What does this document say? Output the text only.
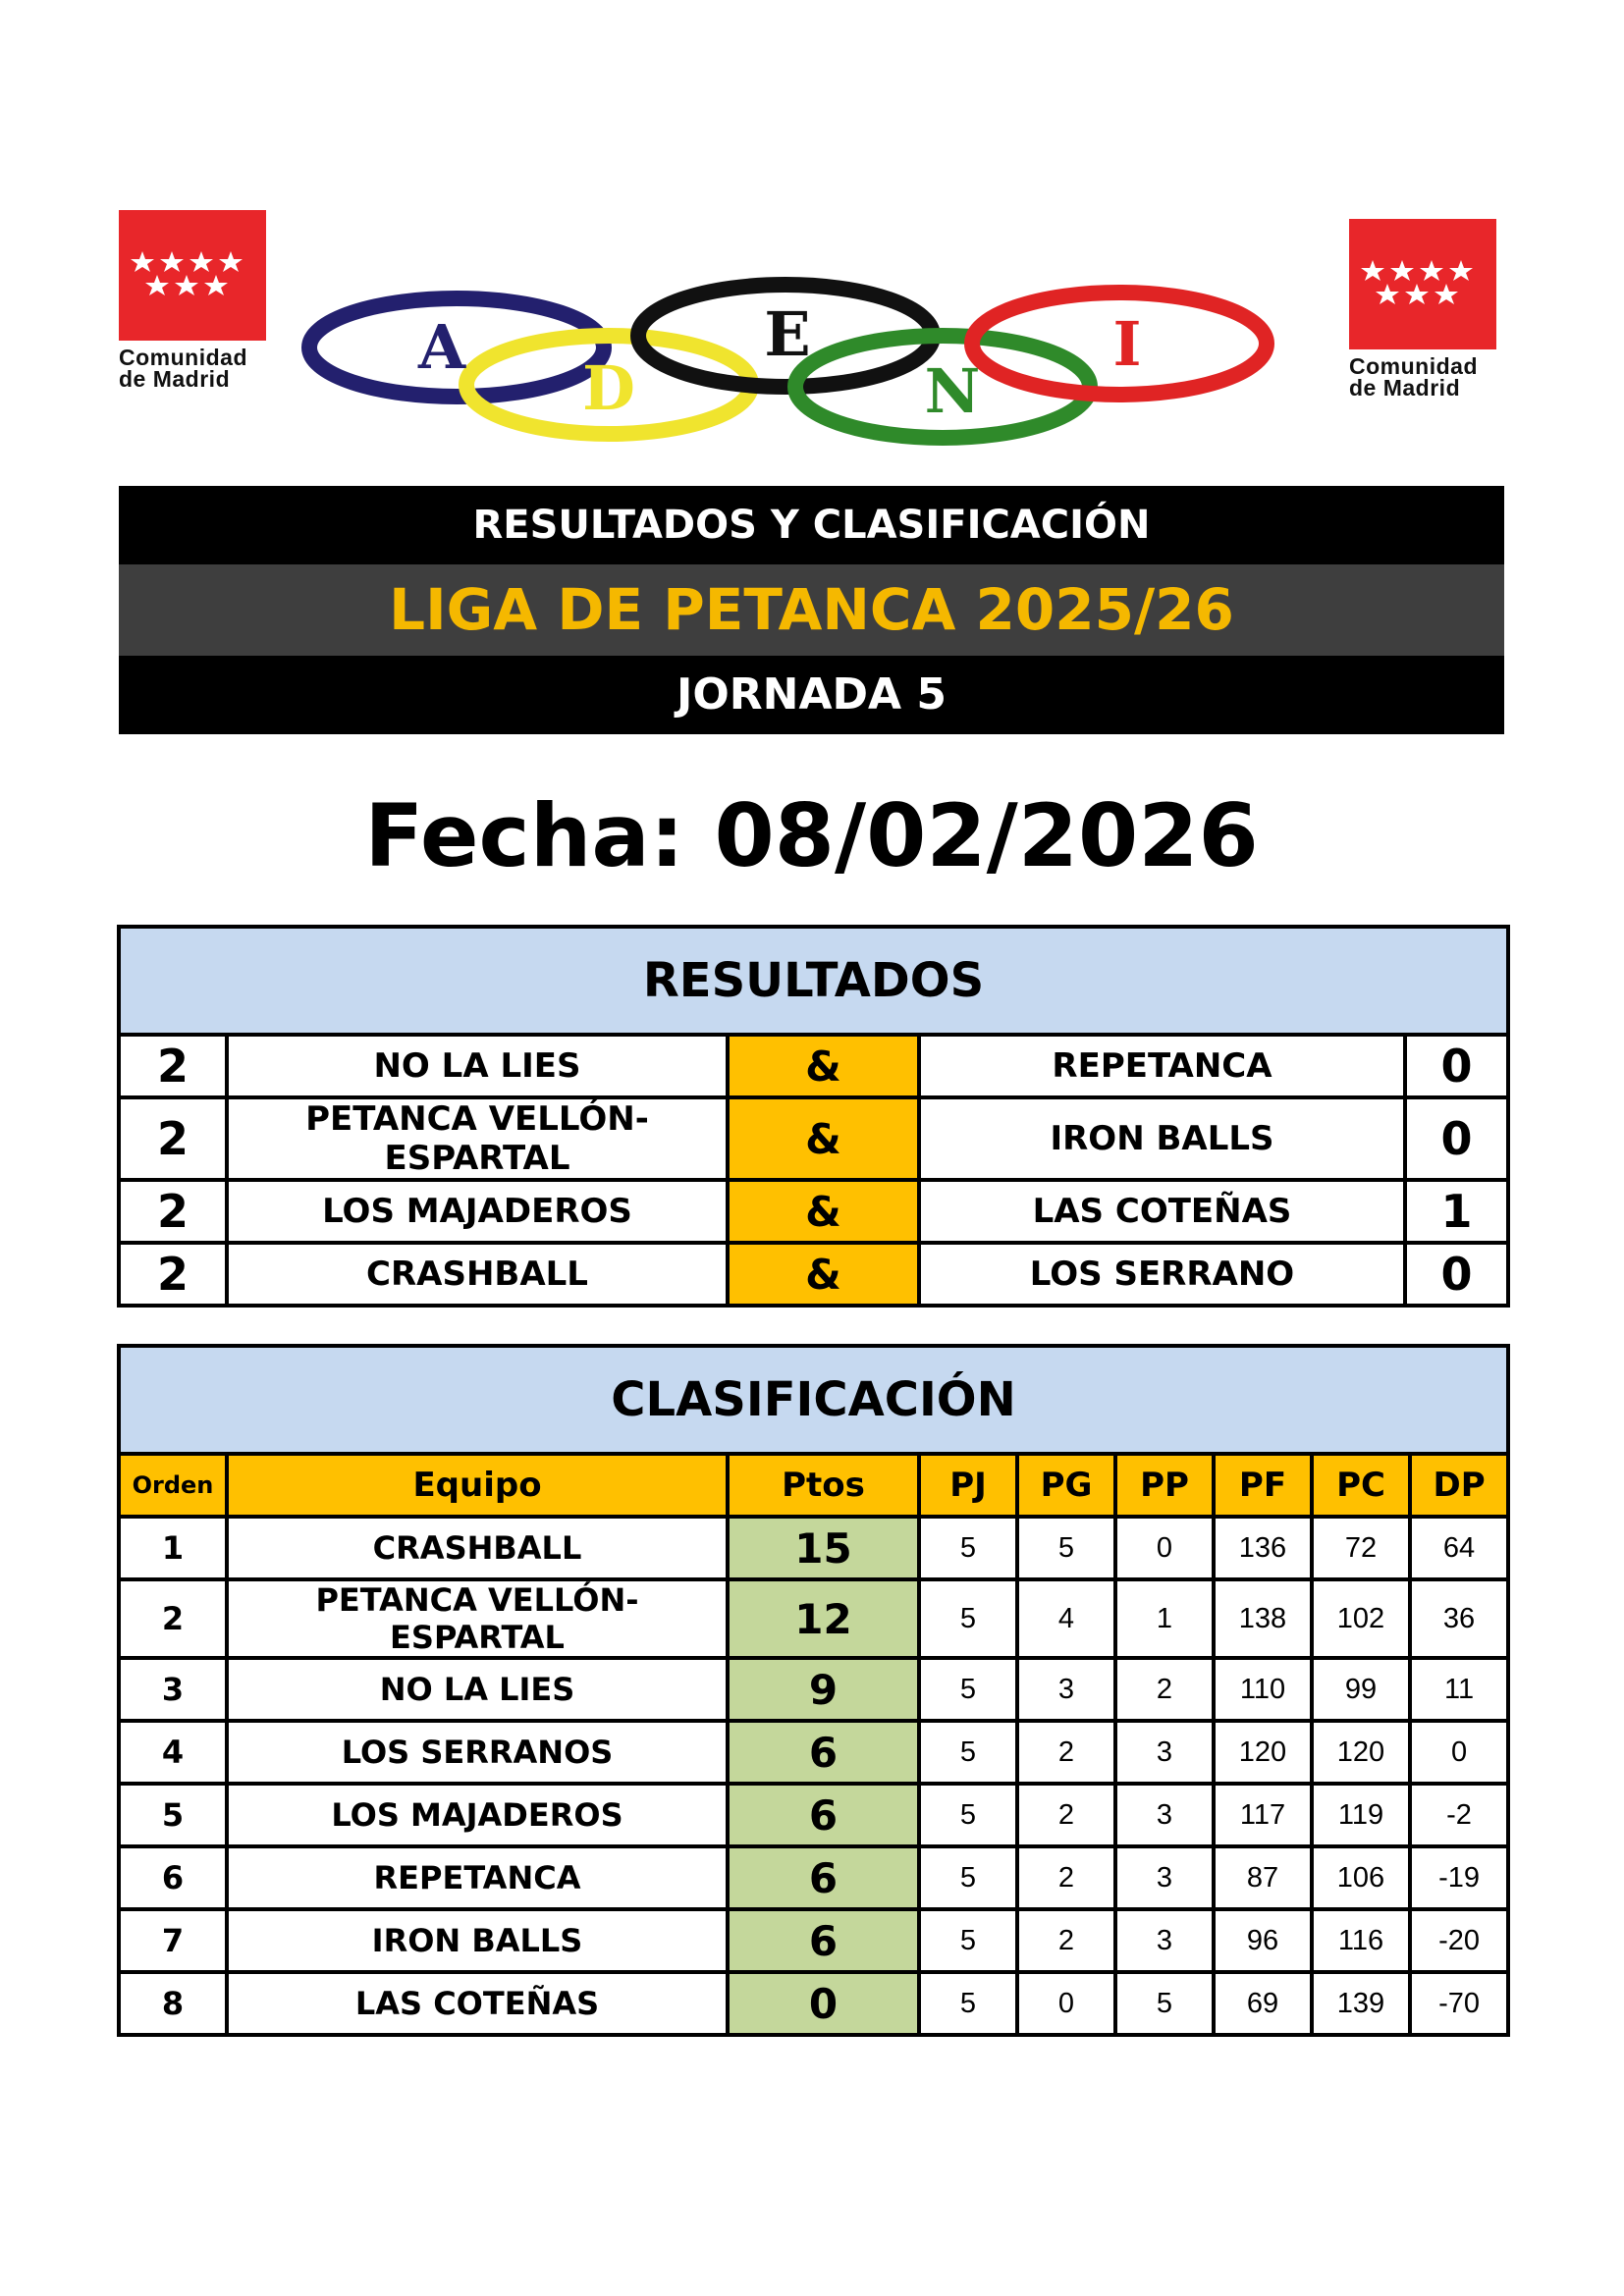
Comunidad
de Madrid	Comunidad
de Madrid
A
D
E
N
I
RESULTADOS Y CLASIFICACIÓN
LIGA DE PETANCA 2025/26
JORNADA 5
Fecha: 08/02/2026
RESULTADOS				
2	NO LA LIES	&	REPETANCA	0
2	PETANCA VELLÓN-ESPARTAL	&	IRON BALLS	0
2	LOS MAJADEROS	&	LAS COTEÑAS	1
2	CRASHBALL	&	LOS SERRANO	0
CLASIFICACIÓN								
Orden	Equipo	Ptos	PJ	PG	PP	PF	PC	DP
1	CRASHBALL	15	5	5	0	136	72	64
2	PETANCA VELLÓN-ESPARTAL	12	5	4	1	138	102	36
3	NO LA LIES	9	5	3	2	110	99	11
4	LOS SERRANOS	6	5	2	3	120	120	0
5	LOS MAJADEROS	6	5	2	3	117	119	-2
6	REPETANCA	6	5	2	3	87	106	-19
7	IRON BALLS	6	5	2	3	96	116	-20
8	LAS COTEÑAS	0	5	0	5	69	139	-70
